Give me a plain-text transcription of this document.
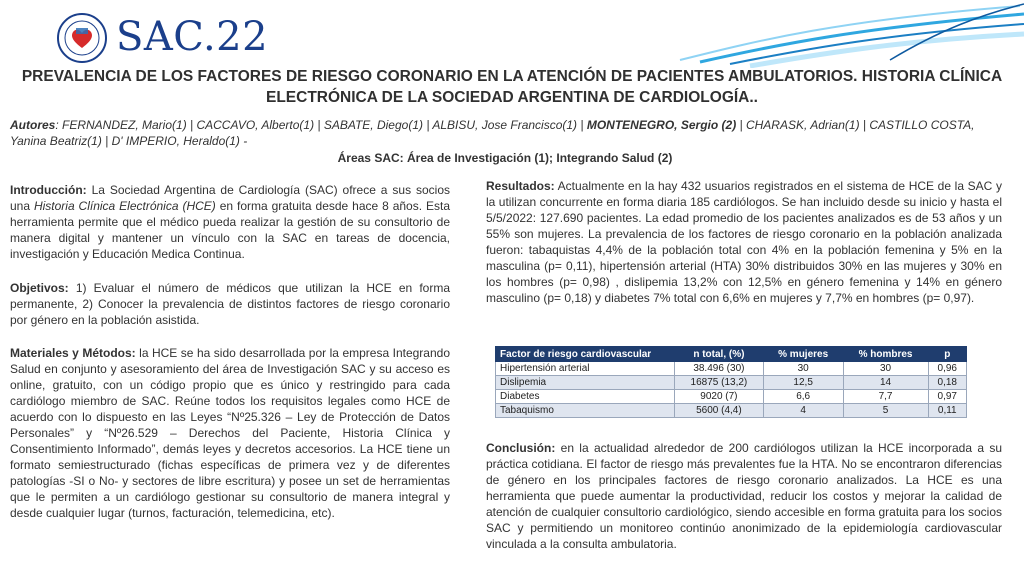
SAC.22
PREVALENCIA DE LOS FACTORES DE RIESGO CORONARIO EN LA ATENCIÓN DE PACIENTES AMBULATORIOS. HISTORIA CLÍNICA ELECTRÓNICA DE LA SOCIEDAD ARGENTINA DE CARDIOLOGÍA..
Autores: FERNANDEZ, Mario(1) | CACCAVO, Alberto(1) | SABATE, Diego(1) | ALBISU, Jose Francisco(1) | MONTENEGRO, Sergio (2) | CHARASK, Adrian(1) | CASTILLO COSTA, Yanina Beatriz(1) | D' IMPERIO, Heraldo(1) -
Áreas SAC: Área de Investigación (1); Integrando Salud (2)

Introducción: La Sociedad Argentina de Cardiología (SAC) ofrece a sus socios una Historia Clínica Electrónica (HCE) en forma gratuita desde hace 8 años. Esta herramienta permite que el médico pueda realizar la gestión de su consultorio de manera digital y mantener un vínculo con la SAC en tareas de docencia, investigación y Educación Medica Continua.

Objetivos: 1) Evaluar el número de médicos que utilizan la HCE en forma permanente, 2) Conocer la prevalencia de distintos factores de riesgo coronario por género en la población asistida.

Materiales y Métodos: la HCE se ha sido desarrollada por la empresa Integrando Salud en conjunto y asesoramiento del área de Investigación SAC y su acceso es online, gratuito, con un código propio que es único y restringido para cada cardiólogo miembro de SAC. Reúne todos los requisitos legales como HCE de acuerdo con lo dispuesto en las Leyes “Nº25.326 – Ley de Protección de Datos Personales” y “Nº26.529 – Derechos del Paciente, Historia Clínica y Consentimiento Informado”, demás leyes y decretos accesorios. La HCE tiene un formato semiestructurado (fichas específicas de primera vez y de diferentes patologías -SI o No- y sectores de libre escritura) y posee un set de herramientas que le permiten a un cardiólogo gestionar su consultorio de manera integral y desde cualquier lugar (turnos, facturación, telemedicina, etc).

Resultados: Actualmente en la hay 432 usuarios registrados en el sistema de HCE de la SAC y la utilizan concurrente en forma diaria 185 cardiólogos. Se han incluido desde su inicio y hasta el 5/5/2022: 127.690 pacientes. La edad promedio de los pacientes analizados es de 53 años y un 55% son mujeres. La prevalencia de los factores de riesgo coronario en la población analizada fueron: tabaquistas 4,4% de la población total con 4% en la población femenina y 5% en la masculina (p= 0,11), hipertensión arterial (HTA) 30% distribuidos 30% en las mujeres y 30% en los hombres (p= 0,98) , dislipemia 13,2% con 12,5% en género femenina y 14% en género masculino (p= 0,18) y diabetes 7% total con 6,6% en mujeres y 7,7% en hombres (p= 0,97).

Factor de riesgo cardiovascular	n total, (%)	% mujeres	% hombres	p
Hipertensión arterial	38.496 (30)	30	30	0,96
Dislipemia	16875 (13,2)	12,5	14	0,18
Diabetes	9020 (7)	6,6	7,7	0,97
Tabaquismo	5600 (4,4)	4	5	0,11

Conclusión: en la actualidad alrededor de 200 cardiólogos utilizan la HCE incorporada a su práctica cotidiana. El factor de riesgo más prevalentes fue la HTA. No se encontraron diferencias de género en los principales factores de riesgo coronario analizados. La HCE es una herramienta que puede aumentar la productividad, reducir los costos y mejorar la calidad de atención de cualquier consultorio cardiológico, siendo accesible en forma gratuita para los socios SAC y permitiendo un monitoreo continúo anonimizado de la epidemiología cardiovascular vinculada a la consulta ambulatoria.
